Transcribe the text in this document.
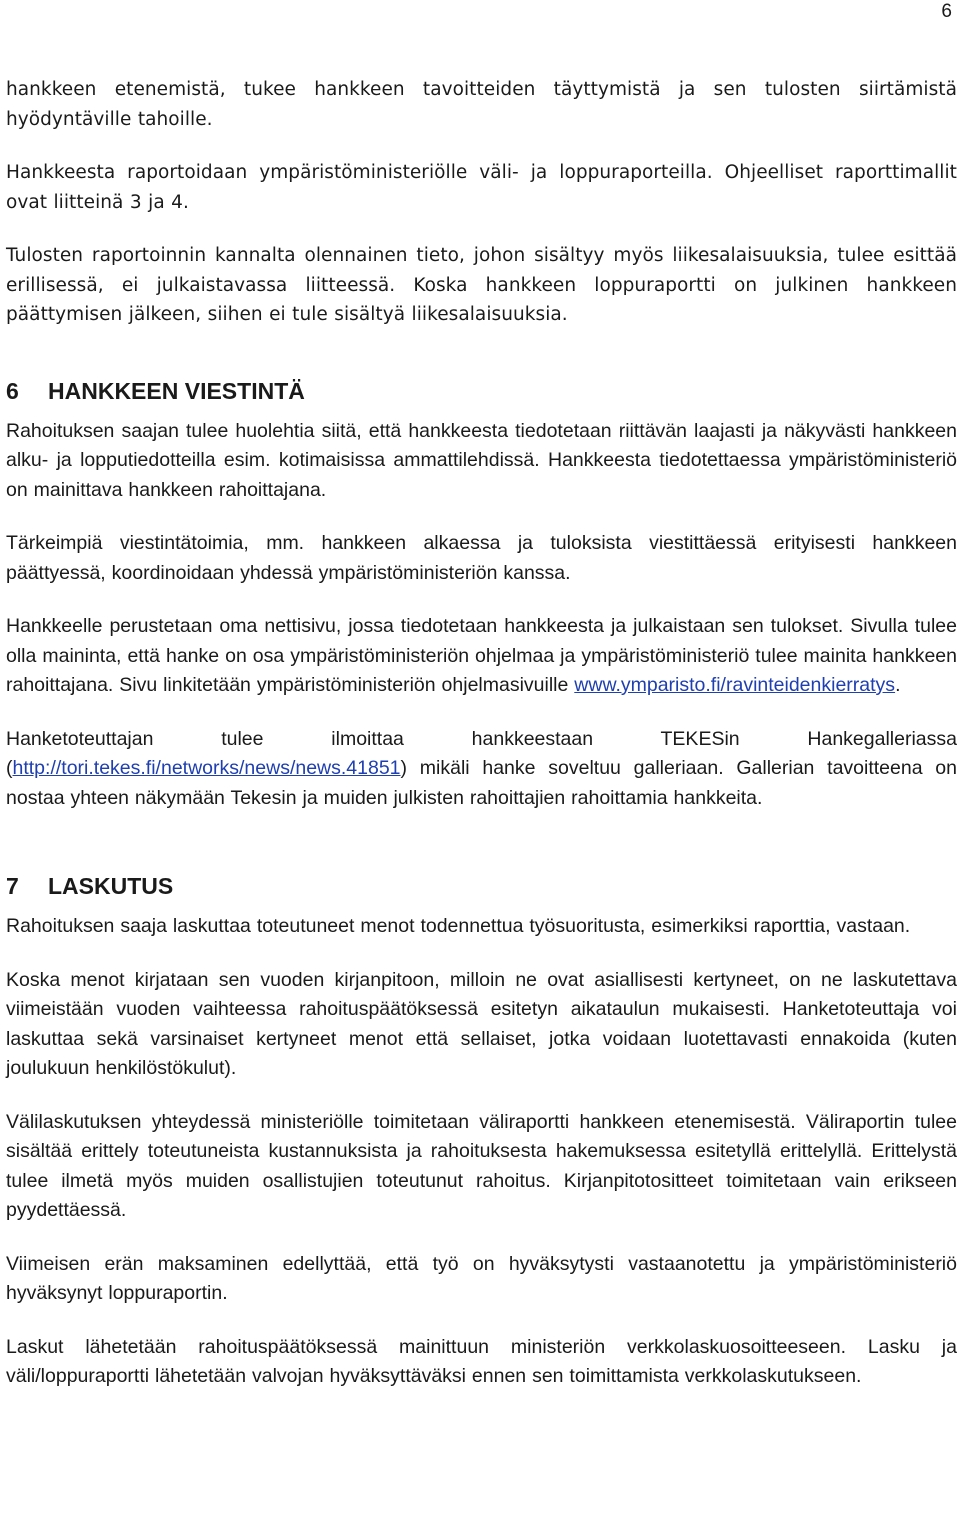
6

hankkeen etenemistä, tukee hankkeen tavoitteiden täyttymistä ja sen tulosten siirtämistä hyödyntäville tahoille.

Hankkeesta raportoidaan ympäristöministeriölle väli- ja loppuraporteilla. Ohjeelliset raporttimallit ovat liitteinä 3 ja 4.

Tulosten raportoinnin kannalta olennainen tieto, johon sisältyy myös liikesalaisuuksia, tulee esittää erillisessä, ei julkaistavassa liitteessä. Koska hankkeen loppuraportti on julkinen hankkeen päättymisen jälkeen, siihen ei tule sisältyä liikesalaisuuksia.

6 HANKKEEN VIESTINTÄ

Rahoituksen saajan tulee huolehtia siitä, että hankkeesta tiedotetaan riittävän laajasti ja näkyvästi hankkeen alku- ja lopputiedotteilla esim. kotimaisissa ammattilehdissä. Hankkeesta tiedotettaessa ympäristöministeriö on mainittava hankkeen rahoittajana.

Tärkeimpiä viestintätoimia, mm. hankkeen alkaessa ja tuloksista viestittäessä erityisesti hankkeen päättyessä, koordinoidaan yhdessä ympäristöministeriön kanssa.

Hankkeelle perustetaan oma nettisivu, jossa tiedotetaan hankkeesta ja julkaistaan sen tulokset. Sivulla tulee olla maininta, että hanke on osa ympäristöministeriön ohjelmaa ja ympäristöministeriö tulee mainita hankkeen rahoittajana. Sivu linkitetään ympäristöministeriön ohjelmasivuille www.ymparisto.fi/ravinteidenkierratys.

Hanketoteuttajan tulee ilmoittaa hankkeestaan TEKESin Hankegalleriassa
(http://tori.tekes.fi/networks/news/news.41851) mikäli hanke soveltuu galleriaan. Gallerian tavoitteena on nostaa yhteen näkymään Tekesin ja muiden julkisten rahoittajien rahoittamia hankkeita.

7 LASKUTUS

Rahoituksen saaja laskuttaa toteutuneet menot todennettua työsuoritusta, esimerkiksi raporttia, vastaan.

Koska menot kirjataan sen vuoden kirjanpitoon, milloin ne ovat asiallisesti kertyneet, on ne laskutettava viimeistään vuoden vaihteessa rahoituspäätöksessä esitetyn aikataulun mukaisesti. Hanketoteuttaja voi laskuttaa sekä varsinaiset kertyneet menot että sellaiset, jotka voidaan luotettavasti ennakoida (kuten joulukuun henkilöstökulut).

Välilaskutuksen yhteydessä ministeriölle toimitetaan väliraportti hankkeen etenemisestä. Väliraportin tulee sisältää erittely toteutuneista kustannuksista ja rahoituksesta hakemuksessa esitetyllä erittelyllä. Erittelystä tulee ilmetä myös muiden osallistujien toteutunut rahoitus. Kirjanpitotositteet toimitetaan vain erikseen pyydettäessä.

Viimeisen erän maksaminen edellyttää, että työ on hyväksytysti vastaanotettu ja ympäristöministeriö hyväksynyt loppuraportin.

Laskut lähetetään rahoituspäätöksessä mainittuun ministeriön verkkolaskuosoitteeseen. Lasku ja väli/loppuraportti lähetetään valvojan hyväksyttäväksi ennen sen toimittamista verkkolaskutukseen.
